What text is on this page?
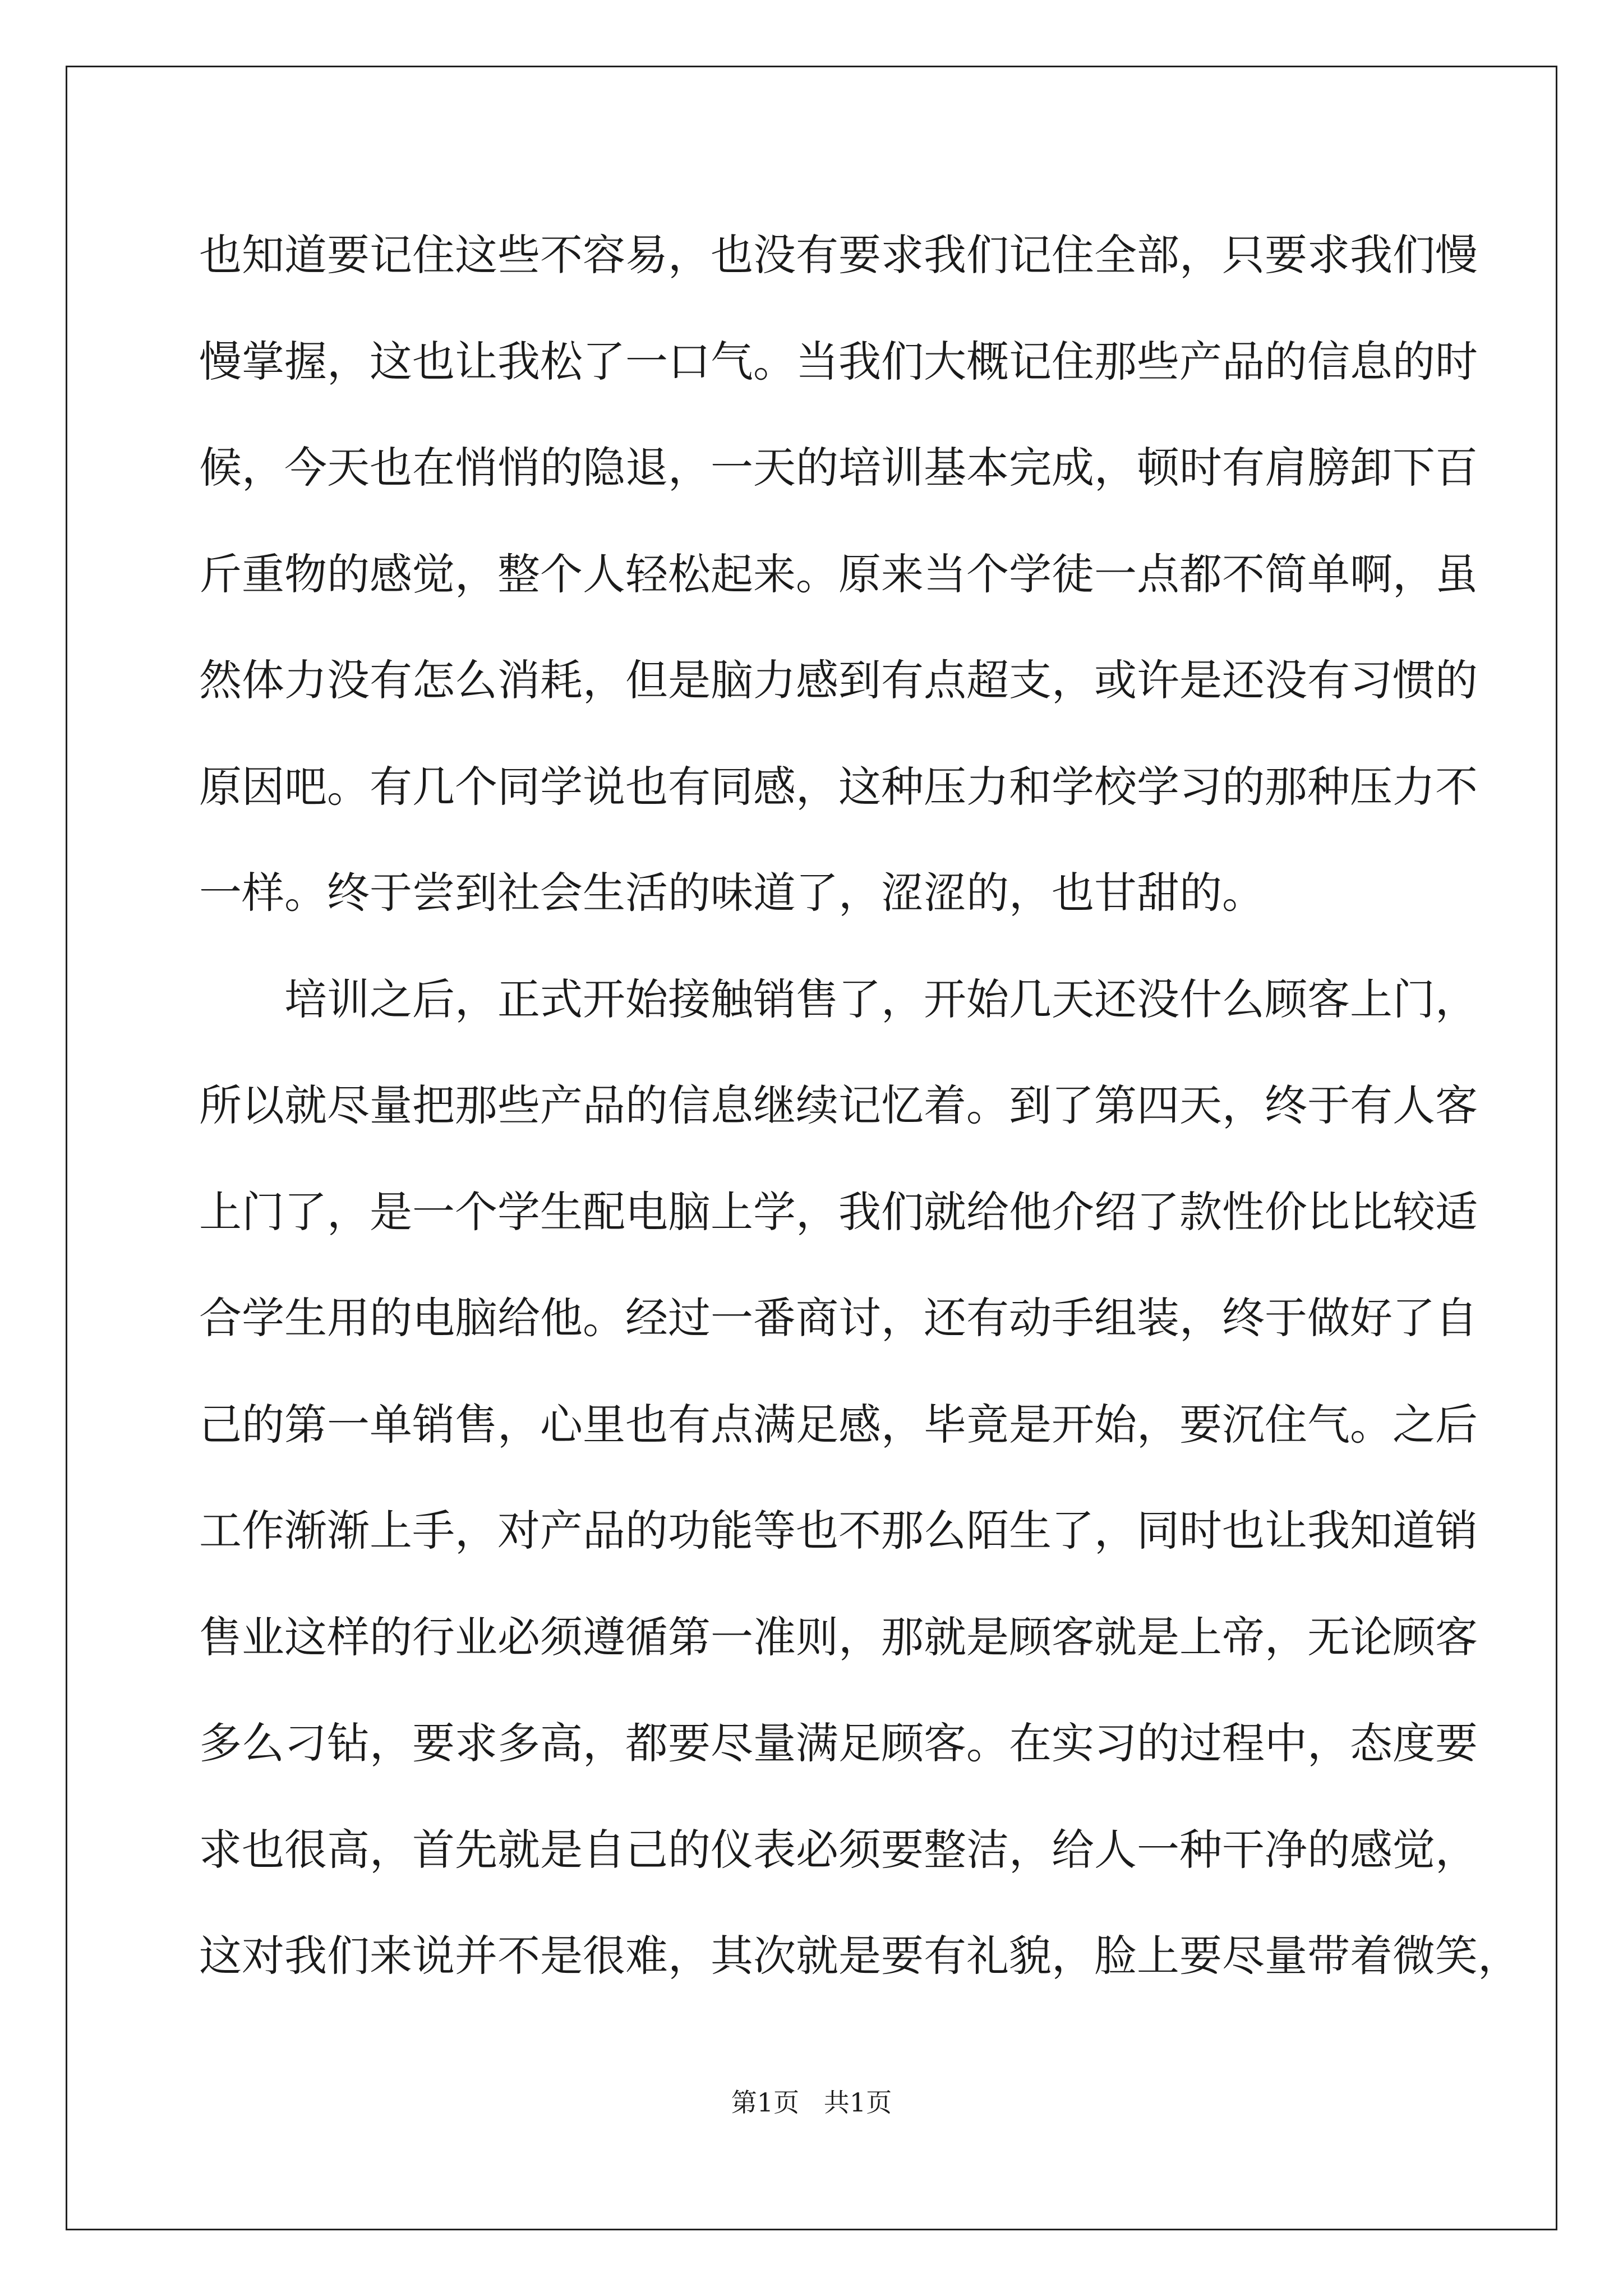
也知道要记住这些不容易，也没有要求我们记住全部，只要求我们慢
慢掌握，这也让我松了一口气。当我们大概记住那些产品的信息的时
候，今天也在悄悄的隐退，一天的培训基本完成，顿时有肩膀卸下百
斤重物的感觉，整个人轻松起来。原来当个学徒一点都不简单啊，虽
然体力没有怎么消耗，但是脑力感到有点超支，或许是还没有习惯的
原因吧。有几个同学说也有同感，这种压力和学校学习的那种压力不
一样。终于尝到社会生活的味道了，涩涩的，也甘甜的。
培训之后，正式开始接触销售了，开始几天还没什么顾客上门，
所以就尽量把那些产品的信息继续记忆着。到了第四天，终于有人客
上门了，是一个学生配电脑上学，我们就给他介绍了款性价比比较适
合学生用的电脑给他。经过一番商讨，还有动手组装，终于做好了自
己的第一单销售，心里也有点满足感，毕竟是开始，要沉住气。之后
工作渐渐上手，对产品的功能等也不那么陌生了，同时也让我知道销
售业这样的行业必须遵循第一准则，那就是顾客就是上帝，无论顾客
多么刁钻，要求多高，都要尽量满足顾客。在实习的过程中，态度要
求也很高，首先就是自己的仪表必须要整洁，给人一种干净的感觉，
这对我们来说并不是很难，其次就是要有礼貌，脸上要尽量带着微笑，
第1页   共1页
